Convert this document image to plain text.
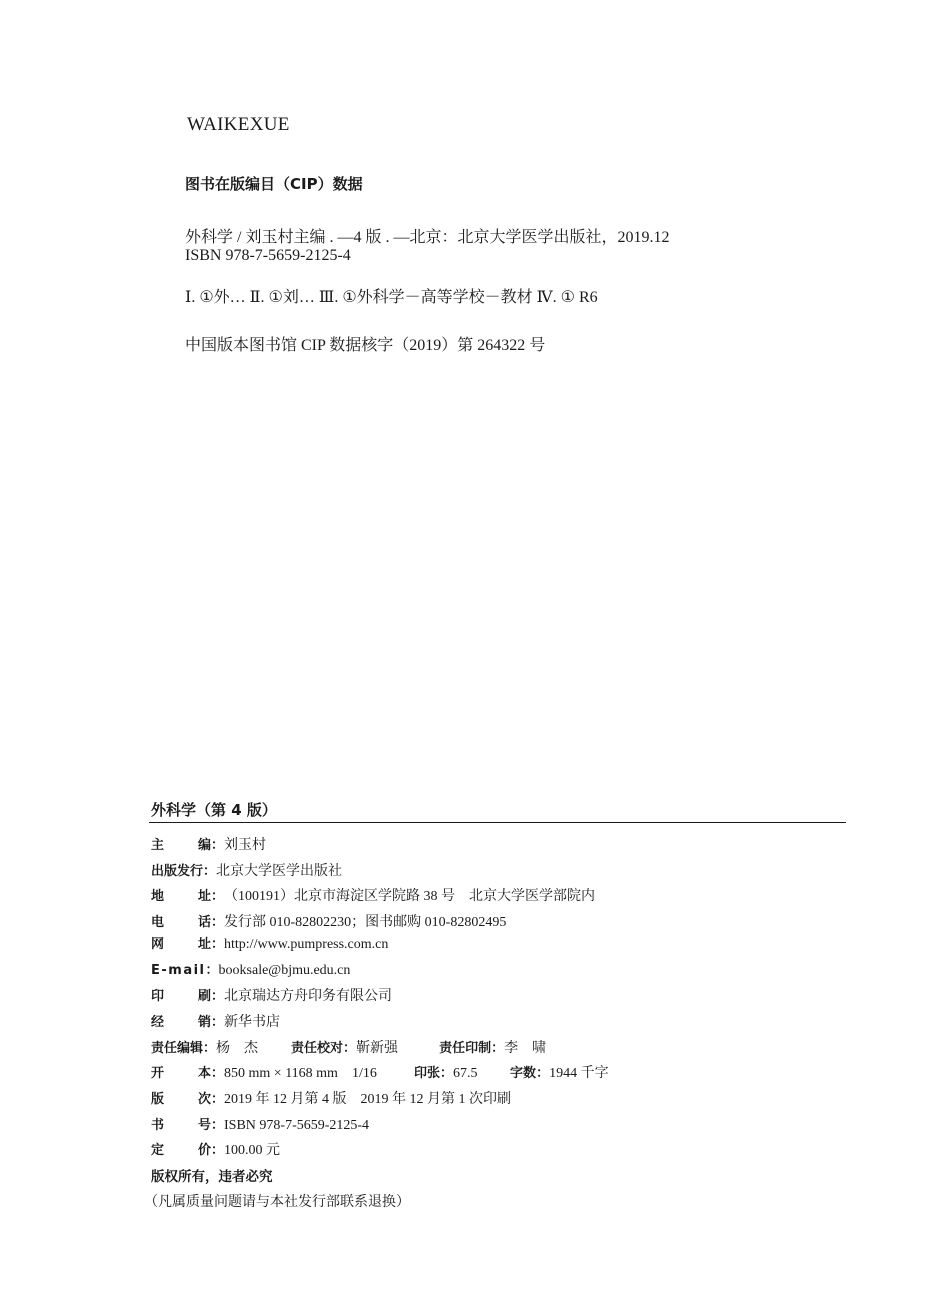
WAIKEXUE
图书在版编目（CIP）数据
外科学 / 刘玉村主编 . —4 版 . —北京：北京大学医学出版社，2019.12
ISBN 978-7-5659-2125-4
Ⅰ. ①外… Ⅱ. ①刘… Ⅲ. ①外科学－高等学校－教材 Ⅳ. ① R6
中国版本图书馆 CIP 数据核字（2019）第 264322 号
外科学（第 4 版）
主	编 ： 刘玉村
出版发行 ： 北京大学医学出版社
地	址 ： （100191）北京市海淀区学院路 38 号　北京大学医学部院内
电	话 ： 发行部 010-82802230；图书邮购 010-82802495
网	址 ： http://www.pumpress.com.cn
E-mail ： booksale@bjmu.edu.cn
印	刷 ： 北京瑞达方舟印务有限公司
经	销 ： 新华书店
责任编辑 ： 杨　杰	责任校对 ： 靳新强	责任印制 ： 李　啸
开	本 ： 850 mm × 1168 mm　1/16	印张 ： 67.5	字数 ： 1944 千字
版	次 ： 2019 年 12 月第 4 版　2019 年 12 月第 1 次印刷
书	号 ： ISBN 978-7-5659-2125-4
定	价 ： 100.00 元
版权所有，违者必究
（凡属质量问题请与本社发行部联系退换）
